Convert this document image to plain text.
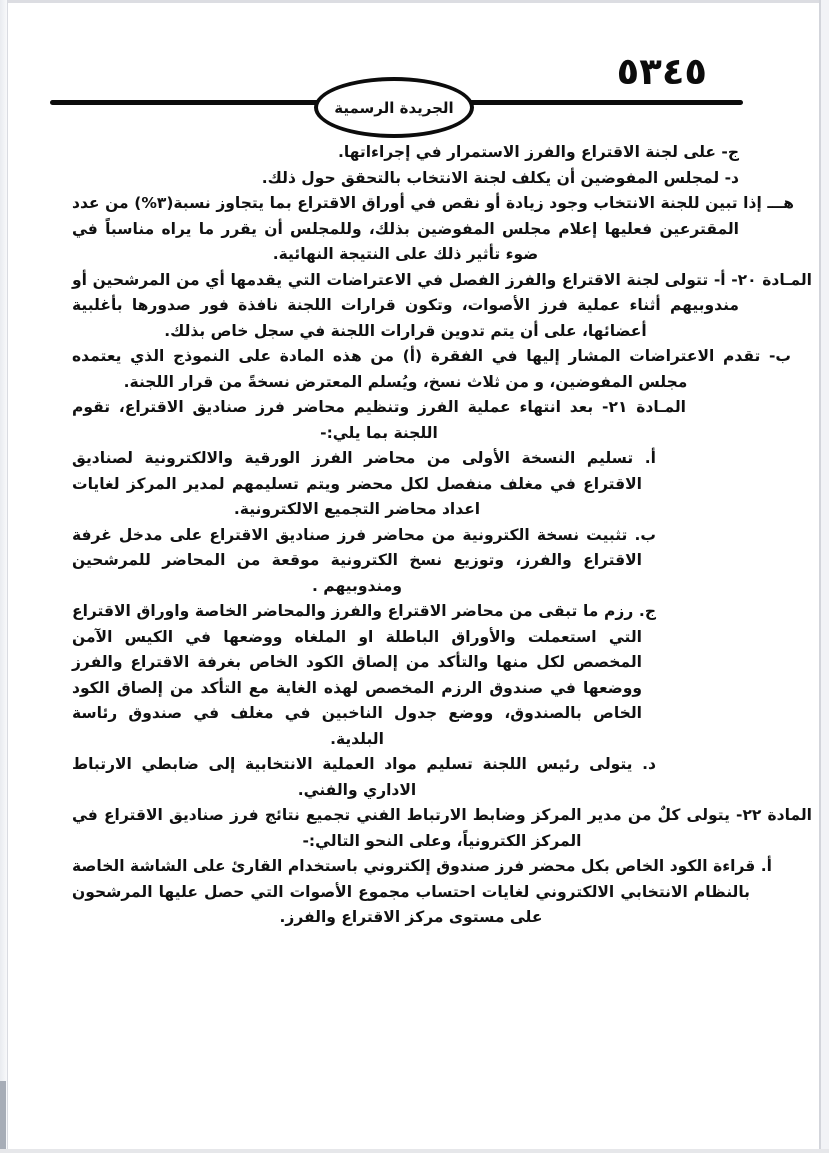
٥٣٤٥
الجريدة الرسمية

ج- على لجنة الاقتراع والفرز الاستمرار في إجراءاتها.

د- لمجلس المفوضين أن يكلف لجنة الانتخاب بالتحقق حول ذلك.

هـــ إذا تبين للجنة الانتخاب وجود زيادة أو نقص في أوراق الاقتراع بما يتجاوز نسبة(٣%) من عدد المقترعين فعليها إعلام مجلس المفوضين بذلك، وللمجلس أن يقرر ما يراه مناسباً في ضوء تأثير ذلك على النتيجة النهائية.

المـادة ٢٠- أ- تتولى لجنة الاقتراع والفرز الفصل في الاعتراضات التي يقدمها أي من المرشحين أو مندوبيهم أثناء عملية فرز الأصوات، وتكون قرارات اللجنة نافذة فور صدورها بأغلبية أعضائها، على أن يتم تدوين قرارات اللجنة في سجل خاص بذلك.

ب- تقدم الاعتراضات المشار إليها في الفقرة (أ) من هذه المادة على النموذج الذي يعتمده مجلس المفوضين، و من ثلاث نسخ، ويُسلم المعترض نسخةً من قرار اللجنة.

المـادة ٢١- بعد انتهاء عملية الفرز وتنظيم محاضر فرز صناديق الاقتراع، تقوم اللجنة بما يلي:-

أ. تسليم النسخة الأولى من محاضر الفرز الورقية والالكترونية لصناديق الاقتراع في مغلف منفصل لكل محضر ويتم تسليمهم لمدير المركز لغايات اعداد محاضر التجميع الالكترونية.

ب. تثبيت نسخة الكترونية من محاضر فرز صناديق الاقتراع على مدخل غرفة الاقتراع والفرز، وتوزيع نسخ الكترونية موقعة من المحاضر للمرشحين ومندوبيهم .

ج. رزم ما تبقى من محاضر الاقتراع والفرز والمحاضر الخاصة واوراق الاقتراع التي استعملت والأوراق الباطلة او الملغاه ووضعها في الكيس الآمن المخصص لكل منها والتأكد من إلصاق الكود الخاص بغرفة الاقتراع والفرز ووضعها في صندوق الرزم المخصص لهذه الغاية مع التأكد من إلصاق الكود الخاص بالصندوق، ووضع جدول الناخبين في مغلف في صندوق رئاسة البلدية.

د. يتولى رئيس اللجنة تسليم مواد العملية الانتخابية إلى ضابطي الارتباط الاداري والفني.

المادة ٢٢- يتولى كلٌ من مدير المركز وضابط الارتباط الفني تجميع نتائج فرز صناديق الاقتراع في المركز الكترونياً، وعلى النحو التالي:-

أ. قراءة الكود الخاص بكل محضر فرز صندوق إلكتروني باستخدام القارئ على الشاشة الخاصة بالنظام الانتخابي الالكتروني لغايات احتساب مجموع الأصوات التي حصل عليها المرشحون على مستوى مركز الاقتراع والفرز.
